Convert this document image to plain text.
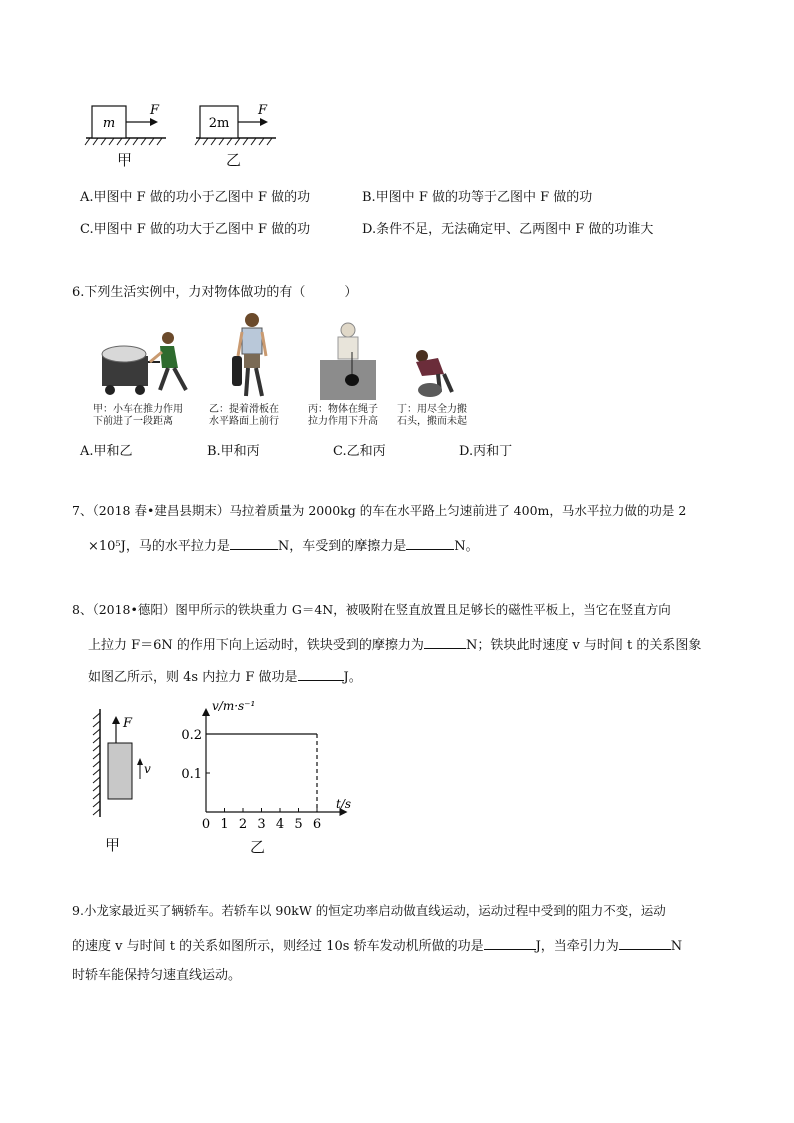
m
F
甲
2m
F
乙
A.甲图中 F 做的功小于乙图中 F 做的功	B.甲图中 F 做的功等于乙图中 F 做的功
C.甲图中 F 做的功大于乙图中 F 做的功	D.条件不足，无法确定甲、乙两图中 F 做的功谁大
6.下列生活实例中，力对物体做功的有（　　　）
甲：小车在推力作用
下前进了一段距离
乙：提着滑板在
水平路面上前行
丙：物体在绳子
拉力作用下升高
丁：用尽全力搬
石头，搬而未起
A.甲和乙	B.甲和丙	C.乙和丙	D.丙和丁
7、（2018 春•建昌县期末）马拉着质量为 2000kg 的车在水平路上匀速前进了 400m，马水平拉力做的功是 2
×10⁵J，马的水平拉力是	N，车受到的摩擦力是	N。
8、（2018•德阳）图甲所示的铁块重力 G＝4N，被吸附在竖直放置且足够长的磁性平板上，当它在竖直方向
上拉力 F＝6N 的作用下向上运动时，铁块受到的摩擦力为	N；铁块此时速度 v 与时间 t 的关系图象
如图乙所示，则 4s 内拉力 F 做功是	J。
F
v
甲
v/m·s⁻¹
t/s
0 1 2 3 4 5 6
0.1
0.2
乙
9.小龙家最近买了辆轿车。若轿车以 90kW 的恒定功率启动做直线运动，运动过程中受到的阻力不变，运动
的速度 v 与时间 t 的关系如图所示，则经过 10s 轿车发动机所做的功是	J，当牵引力为	N
时轿车能保持匀速直线运动。
